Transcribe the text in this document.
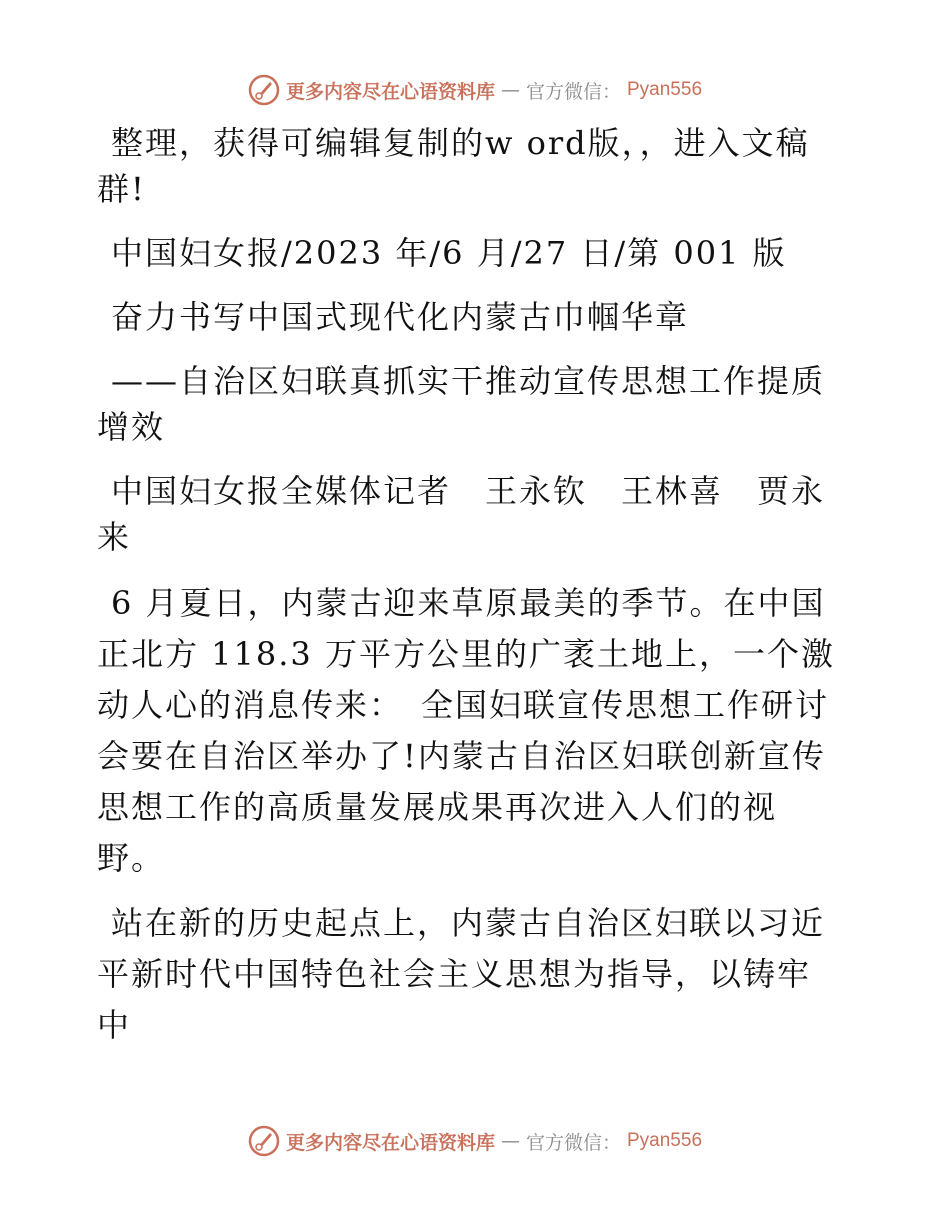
更多内容尽在心语资料库 — 官方微信： Pyan556

整理，获得可编辑复制的w ord版，，进入文稿群!

中国妇女报/2023 年/6 月/27 日/第 001 版

奋力书写中国式现代化内蒙古巾帼华章

——自治区妇联真抓实干推动宣传思想工作提质增效

中国妇女报全媒体记者　王永钦　王林喜　贾永来

6 月夏日，内蒙古迎来草原最美的季节。在中国正北方 118.3 万平方公里的广袤土地上，一个激动人心的消息传来：　全国妇联宣传思想工作研讨会要在自治区举办了!内蒙古自治区妇联创新宣传思想工作的高质量发展成果再次进入人们的视野。

站在新的历史起点上，内蒙古自治区妇联以习近平新时代中国特色社会主义思想为指导，以铸牢中

更多内容尽在心语资料库 — 官方微信： Pyan556
